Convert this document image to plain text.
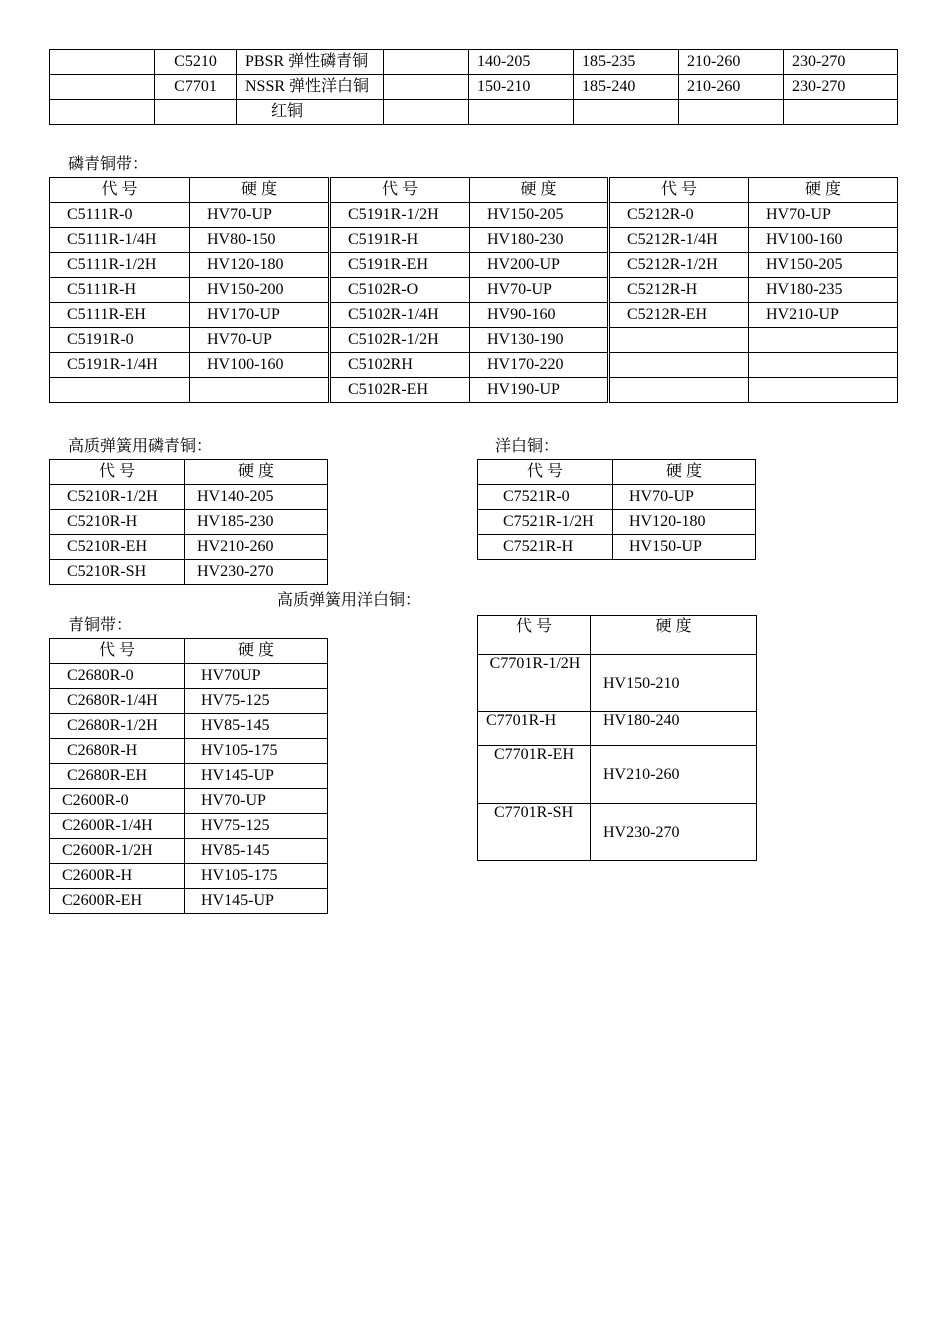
	C5210	PBSR 弹性磷青铜		140-205	185-235	210-260	230-270
	C7701	NSSR 弹性洋白铜		150-210	185-240	210-260	230-270
		红铜					
磷青铜带：
代 号	硬 度	代 号	硬 度	代 号	硬 度
C5111R-0	HV70-UP	C5191R-1/2H	HV150-205	C5212R-0	HV70-UP
C5111R-1/4H	HV80-150	C5191R-H	HV180-230	C5212R-1/4H	HV100-160
C5111R-1/2H	HV120-180	C5191R-EH	HV200-UP	C5212R-1/2H	HV150-205
C5111R-H	HV150-200	C5102R-O	HV70-UP	C5212R-H	HV180-235
C5111R-EH	HV170-UP	C5102R-1/4H	HV90-160	C5212R-EH	HV210-UP
C5191R-0	HV70-UP	C5102R-1/2H	HV130-190		
C5191R-1/4H	HV100-160	C5102RH	HV170-220		
		C5102R-EH	HV190-UP		
高质弹簧用磷青铜：
代 号	硬 度
C5210R-1/2H	HV140-205
C5210R-H	HV185-230
C5210R-EH	HV210-260
C5210R-SH	HV230-270
洋白铜：
代 号	硬 度
C7521R-0	HV70-UP
C7521R-1/2H	HV120-180
C7521R-H	HV150-UP
高质弹簧用洋白铜：
代 号	硬 度

C7701R-1/2H	HV150-210
C7701R-H	HV180-240
C7701R-EH	HV210-260
C7701R-SH	HV230-270
青铜带：
代 号	硬 度
C2680R-0	HV70UP
C2680R-1/4H	HV75-125
C2680R-1/2H	HV85-145
C2680R-H	HV105-175
C2680R-EH	HV145-UP
C2600R-0	HV70-UP
C2600R-1/4H	HV75-125
C2600R-1/2H	HV85-145
C2600R-H	HV105-175
C2600R-EH	HV145-UP
